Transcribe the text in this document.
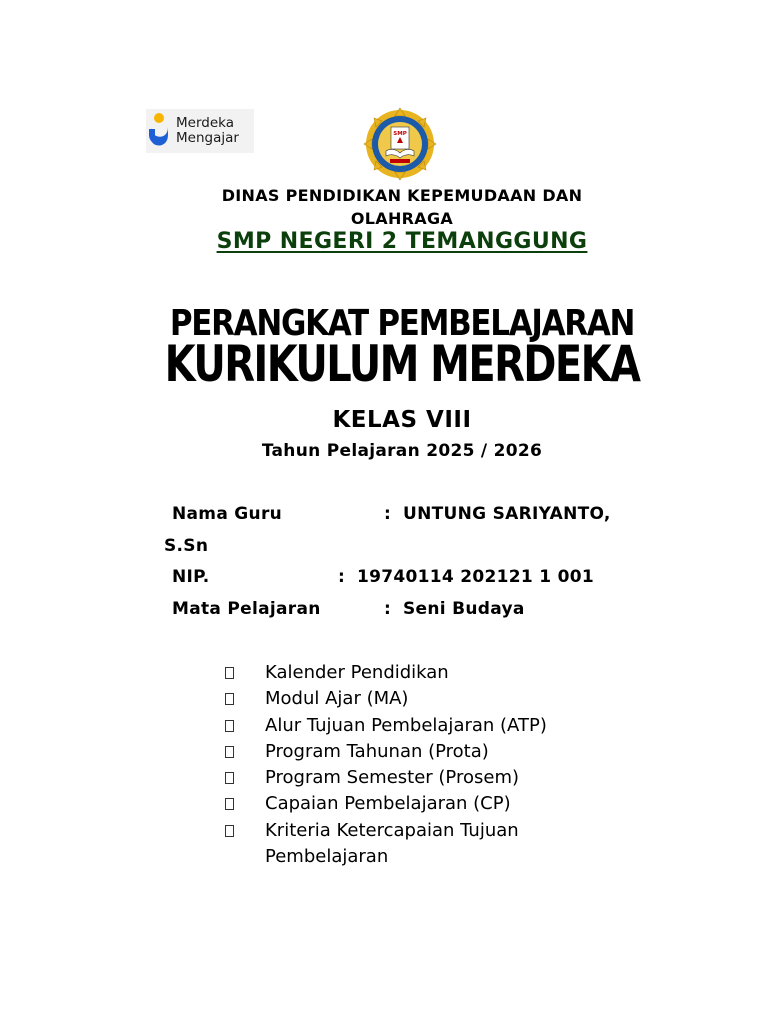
Merdeka
Mengajar	SMP
DINAS PENDIDIKAN KEPEMUDAAN DAN
OLAHRAGA
SMP NEGERI 2 TEMANGGUNG
PERANGKAT PEMBELAJARAN
KURIKULUM MERDEKA
KELAS VIII
Tahun Pelajaran 2025 / 2026
Nama Guru	: UNTUNG SARIYANTO,
S.Sn
NIP.	: 19740114 202121 1 001
Mata Pelajaran	: Seni Budaya
Kalender Pendidikan
Modul Ajar (MA)
Alur Tujuan Pembelajaran (ATP)
Program Tahunan (Prota)
Program Semester (Prosem)
Capaian Pembelajaran (CP)
Kriteria Ketercapaian Tujuan
Pembelajaran
